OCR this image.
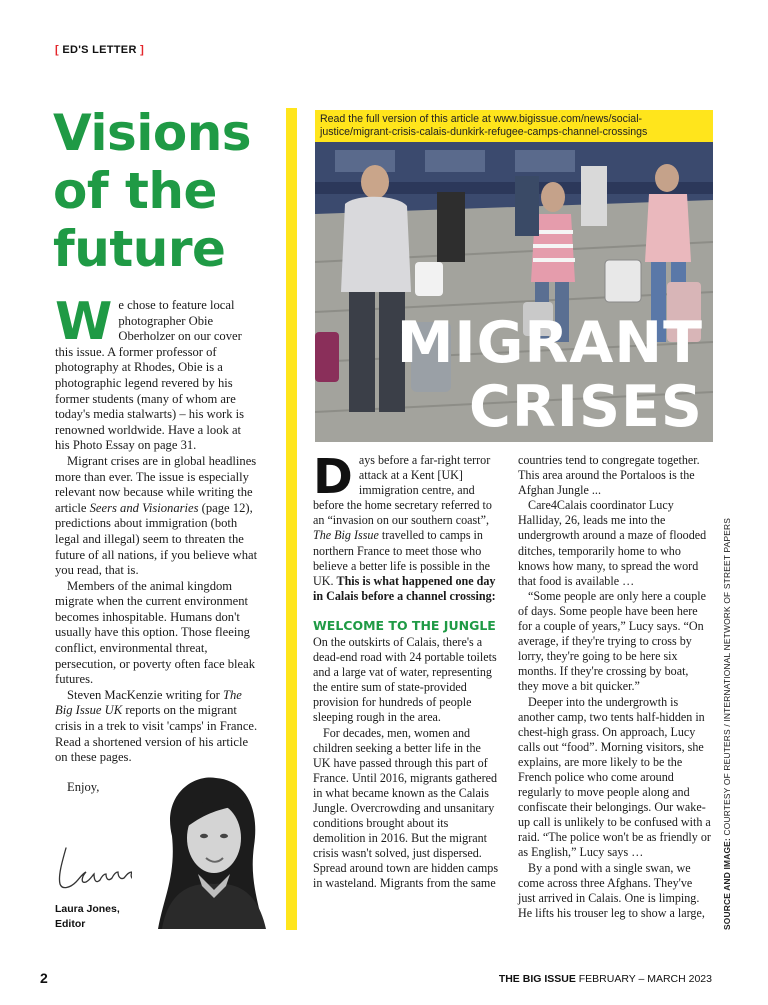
[ ED'S LETTER ]
Visions
of the
future

We chose to feature local photographer Obie Oberholzer on our cover this issue. A former professor of photography at Rhodes, Obie is a photographic legend revered by his former students (many of whom are today's media stalwarts) – his work is renowned worldwide. Have a look at his Photo Essay on page 31.

Migrant crises are in global headlines more than ever. The issue is especially relevant now because while writing the article Seers and Visionaries (page 12), predictions about immigration (both legal and illegal) seem to threaten the future of all nations, if you believe what you read, that is.

Members of the animal kingdom migrate when the current environment becomes inhospitable. Humans don't usually have this option. Those fleeing conflict, environmental threat, persecution, or poverty often face bleak futures.

Steven MacKenzie writing for The Big Issue UK reports on the migrant crisis in a trek to visit 'camps' in France. Read a shortened version of his article on these pages.

Enjoy,

Laura Jones,
Editor
Read the full version of this article at www.bigissue.com/news/social-justice/migrant-crisis-calais-dunkirk-refugee-camps-channel-crossings
MIGRANT
CRISES

Days before a far-right terror attack at a Kent [UK] immigration centre, and before the home secretary referred to an “invasion on our southern coast”, The Big Issue travelled to camps in northern France to meet those who believe a better life is possible in the UK. This is what happened one day in Calais before a channel crossing:

WELCOME TO THE JUNGLE

On the outskirts of Calais, there's a dead-end road with 24 portable toilets and a large vat of water, representing the entire sum of state-provided provision for hundreds of people sleeping rough in the area.

For decades, men, women and children seeking a better life in the UK have passed through this part of France. Until 2016, migrants gathered in what became known as the Calais Jungle. Overcrowding and unsanitary conditions brought about its demolition in 2016. But the migrant crisis wasn't solved, just dispersed. Spread around town are hidden camps in wasteland. Migrants from the same

countries tend to congregate together. This area around the Portaloos is the Afghan Jungle ...

Care4Calais coordinator Lucy Halliday, 26, leads me into the undergrowth around a maze of flooded ditches, temporarily home to who knows how many, to spread the word that food is available …

“Some people are only here a couple of days. Some people have been here for a couple of years,” Lucy says. “On average, if they're trying to cross by lorry, they're going to be here six months. If they're crossing by boat, they move a bit quicker.”

Deeper into the undergrowth is another camp, two tents half-hidden in chest-high grass. On approach, Lucy calls out “food”. Morning visitors, she explains, are more likely to be the French police who come around regularly to move people along and confiscate their belongings. Our wake-up call is unlikely to be confused with a raid. “The police won't be as friendly or as English,” Lucy says …

By a pond with a single swan, we come across three Afghans. They've just arrived in Calais. One is limping. He lifts his trouser leg to show a large,	SOURCE AND IMAGE: COURTESY OF REUTERS / INTERNATIONAL NETWORK OF STREET PAPERS
2	THE BIG ISSUE FEBRUARY – MARCH 2023
